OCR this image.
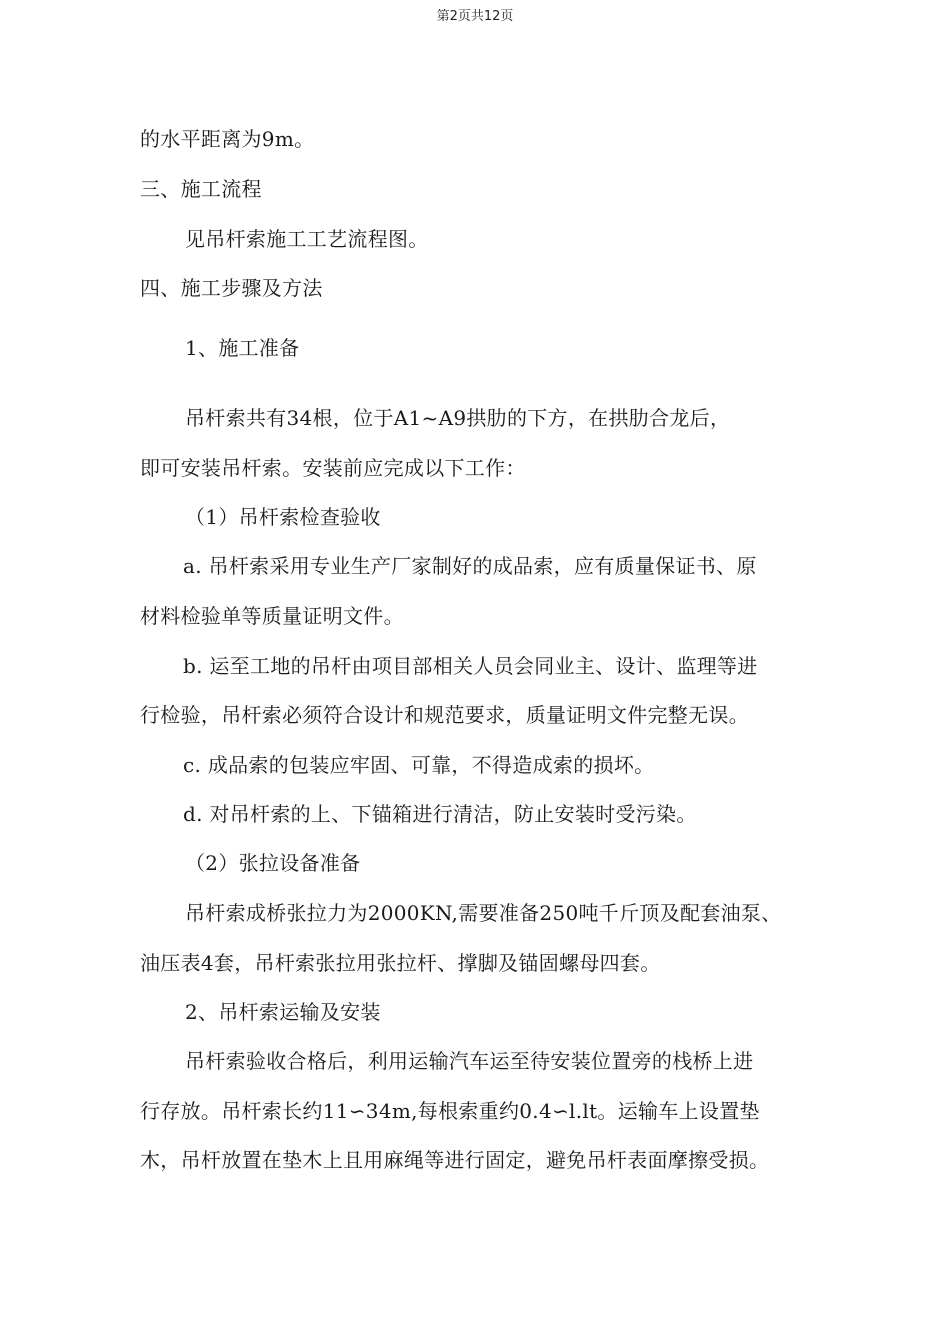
第2页共12页
的水平距离为9m。
三、施工流程
见吊杆索施工工艺流程图。
四、施工步骤及方法
1、施工准备
吊杆索共有34根，位于A1~A9拱肋的下方，在拱肋合龙后，
即可安装吊杆索。安装前应完成以下工作：
（1）吊杆索检查验收
a. 吊杆索采用专业生产厂家制好的成品索，应有质量保证书、原
材料检验单等质量证明文件。
b. 运至工地的吊杆由项目部相关人员会同业主、设计、监理等进
行检验，吊杆索必须符合设计和规范要求，质量证明文件完整无误。
c. 成品索的包装应牢固、可靠，不得造成索的损坏。
d. 对吊杆索的上、下锚箱进行清洁，防止安装时受污染。
（2）张拉设备准备
吊杆索成桥张拉力为2000KN,需要准备250吨千斤顶及配套油泵、
油压表4套，吊杆索张拉用张拉杆、撑脚及锚固螺母四套。
2、吊杆索运输及安装
吊杆索验收合格后，利用运输汽车运至待安装位置旁的栈桥上进
行存放。吊杆索长约11∽34m,每根索重约0.4∽l.lt。运输车上设置垫
木，吊杆放置在垫木上且用麻绳等进行固定，避免吊杆表面摩擦受损。
